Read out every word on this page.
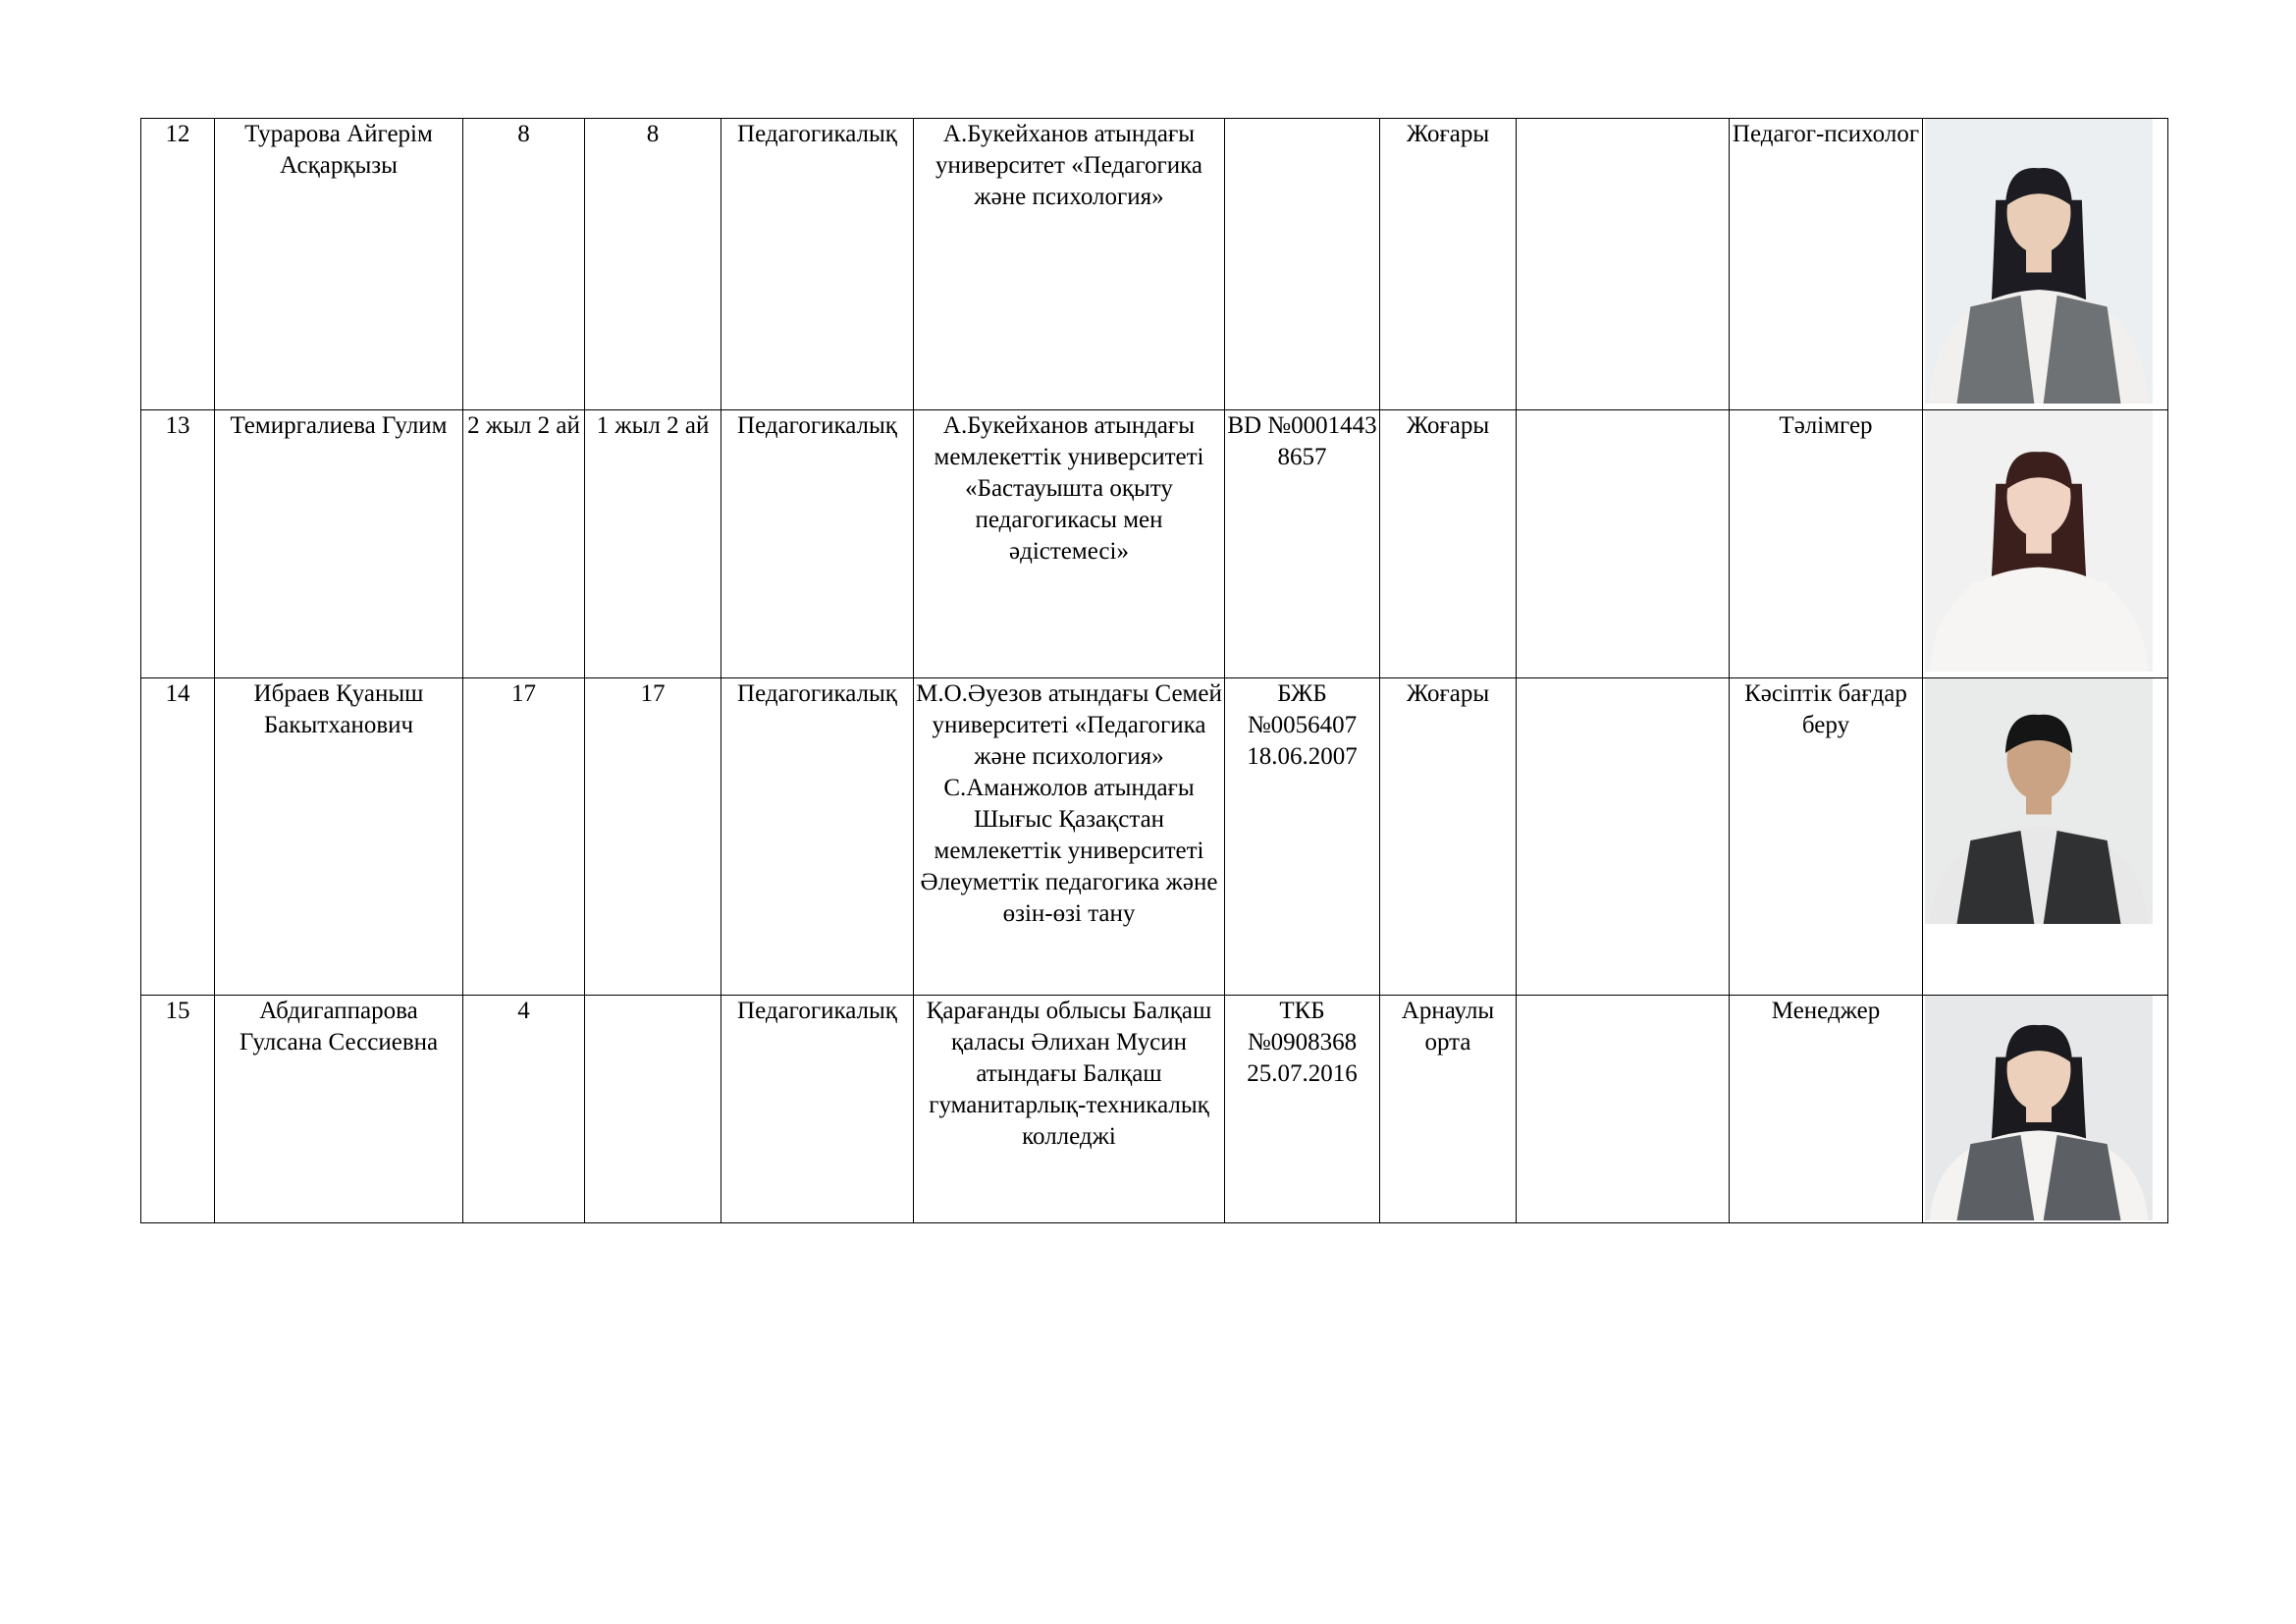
12	Турарова Айгерім Асқарқызы	8	8	Педагогикалық	А.Букейханов атындағы университет «Педагогика және психология»		Жоғары		Педагог-психолог	

13	Темиргалиева Гулим	2 жыл 2 ай	1 жыл 2 ай	Педагогикалық	А.Букейханов атындағы мемлекеттік университеті «Бастауышта оқыту педагогикасы мен әдістемесі»	BD №0001443 8657	Жоғары		Тәлімгер	

14	Ибраев Қуаныш Бакытханович	17	17	Педагогикалық	М.О.Әуезов атындағы Семей университеті «Педагогика және психология» С.Аманжолов атындағы Шығыс Қазақстан мемлекеттік университеті Әлеуметтік педагогика және өзін-өзі тану	БЖБ №0056407 18.06.2007	Жоғары		Кәсіптік бағдар беру	

15	Абдигаппарова Гулсана Сессиевна	4		Педагогикалық	Қарағанды облысы Балқаш қаласы Әлихан Мусин атындағы Балқаш гуманитарлық-техникалық колледжі	ТКБ №0908368 25.07.2016	Арнаулы орта		Менеджер	
